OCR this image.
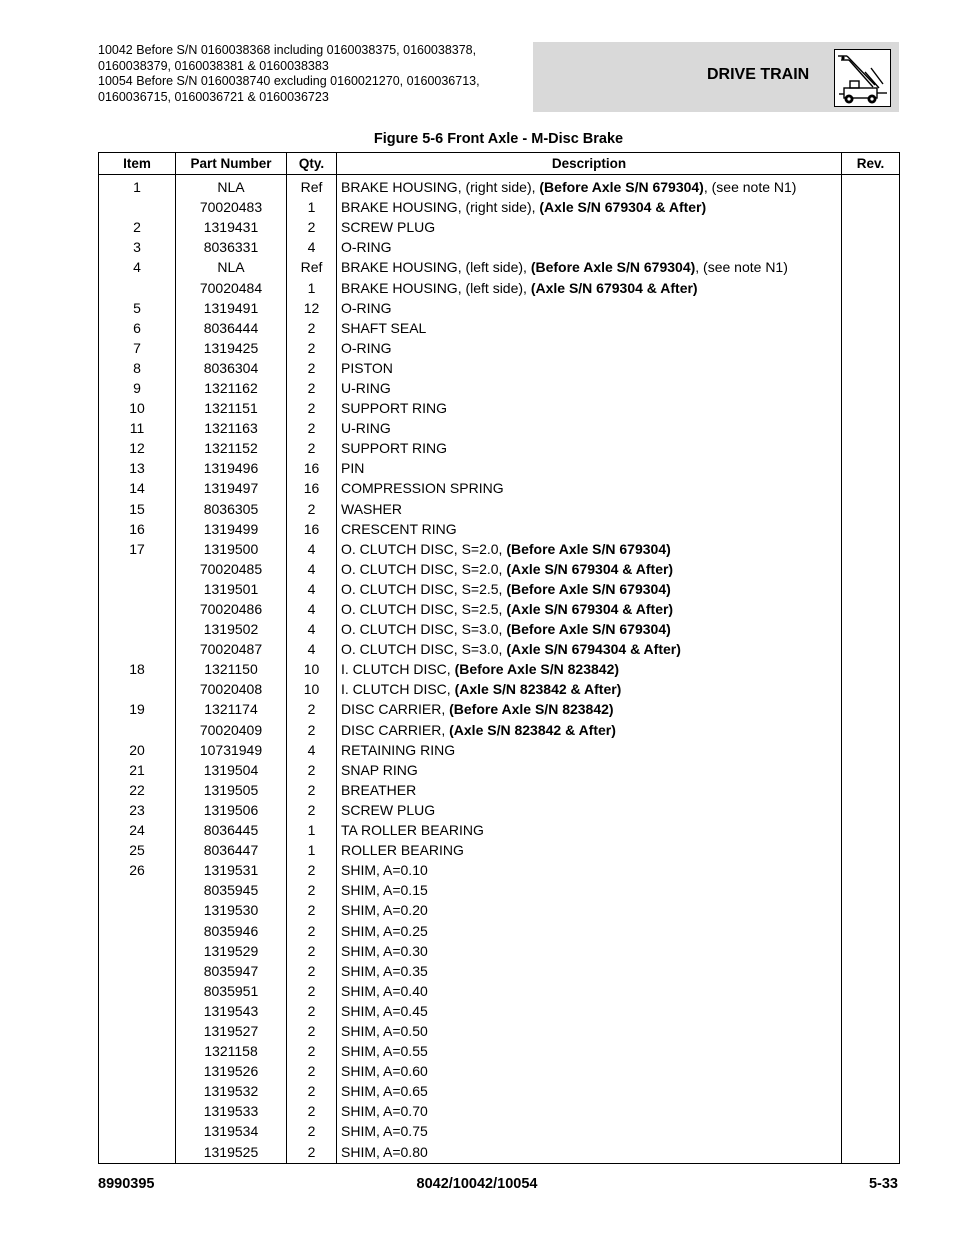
10042 Before S/N 0160038368 including 0160038375, 0160038378,
0160038379, 0160038381 & 0160038383
10054 Before S/N 0160038740 excluding 0160021270, 0160036713,
0160036715, 0160036721 & 0160036723
DRIVE TRAIN
Figure 5-6 Front Axle - M-Disc Brake
Item	Part Number	Qty.	Description	Rev.
1	NLA	Ref	BRAKE HOUSING, (right side), (Before Axle S/N 679304), (see note N1)	
	70020483	1	BRAKE HOUSING, (right side), (Axle S/N 679304 & After)	
2	1319431	2	SCREW PLUG	
3	8036331	4	O-RING	
4	NLA	Ref	BRAKE HOUSING, (left side), (Before Axle S/N 679304), (see note N1)	
	70020484	1	BRAKE HOUSING, (left side), (Axle S/N 679304 & After)	
5	1319491	12	O-RING	
6	8036444	2	SHAFT SEAL	
7	1319425	2	O-RING	
8	8036304	2	PISTON	
9	1321162	2	U-RING	
10	1321151	2	SUPPORT RING	
11	1321163	2	U-RING	
12	1321152	2	SUPPORT RING	
13	1319496	16	PIN	
14	1319497	16	COMPRESSION SPRING	
15	8036305	2	WASHER	
16	1319499	16	CRESCENT RING	
17	1319500	4	O. CLUTCH DISC, S=2.0, (Before Axle S/N 679304)	
	70020485	4	O. CLUTCH DISC, S=2.0, (Axle S/N 679304 & After)	
	1319501	4	O. CLUTCH DISC, S=2.5, (Before Axle S/N 679304)	
	70020486	4	O. CLUTCH DISC, S=2.5, (Axle S/N 679304 & After)	
	1319502	4	O. CLUTCH DISC, S=3.0, (Before Axle S/N 679304)	
	70020487	4	O. CLUTCH DISC, S=3.0, (Axle S/N 6794304 & After)	
18	1321150	10	I. CLUTCH DISC, (Before Axle S/N 823842)	
	70020408	10	I. CLUTCH DISC, (Axle S/N 823842 & After)	
19	1321174	2	DISC CARRIER, (Before Axle S/N 823842)	
	70020409	2	DISC CARRIER, (Axle S/N 823842 & After)	
20	10731949	4	RETAINING RING	
21	1319504	2	SNAP RING	
22	1319505	2	BREATHER	
23	1319506	2	SCREW PLUG	
24	8036445	1	TA ROLLER BEARING	
25	8036447	1	ROLLER BEARING	
26	1319531	2	SHIM, A=0.10	
	8035945	2	SHIM, A=0.15	
	1319530	2	SHIM, A=0.20	
	8035946	2	SHIM, A=0.25	
	1319529	2	SHIM, A=0.30	
	8035947	2	SHIM, A=0.35	
	8035951	2	SHIM, A=0.40	
	1319543	2	SHIM, A=0.45	
	1319527	2	SHIM, A=0.50	
	1321158	2	SHIM, A=0.55	
	1319526	2	SHIM, A=0.60	
	1319532	2	SHIM, A=0.65	
	1319533	2	SHIM, A=0.70	
	1319534	2	SHIM, A=0.75	
	1319525	2	SHIM, A=0.80	
8990395	8042/10042/10054	5-33
